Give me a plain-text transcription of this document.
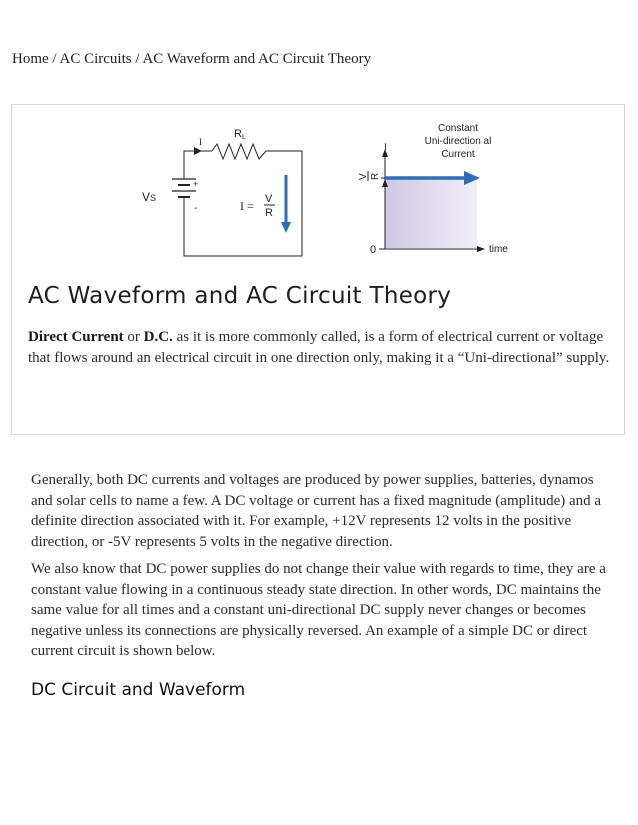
Home / AC Circuits / AC Waveform and AC Circuit Theory
RL
I
VS
+
-	I = V
R
I
V R
0	time
Constant
Uni-direction al
Current
AC Waveform and AC Circuit Theory

Direct Current or D.C. as it is more commonly called, is a form of electrical current or voltage that flows around an electrical circuit in one direction only, making it a “Uni-directional” supply.

Generally, both DC currents and voltages are produced by power supplies, batteries, dynamos and solar cells to name a few. A DC voltage or current has a fixed magnitude (amplitude) and a definite direction associated with it. For example, +12V represents 12 volts in the positive direction, or -5V represents 5 volts in the negative direction.

We also know that DC power supplies do not change their value with regards to time, they are a constant value flowing in a continuous steady state direction. In other words, DC maintains the same value for all times and a constant uni-directional DC supply never changes or becomes negative unless its connections are physically reversed. An example of a simple DC or direct current circuit is shown below.

DC Circuit and Waveform
